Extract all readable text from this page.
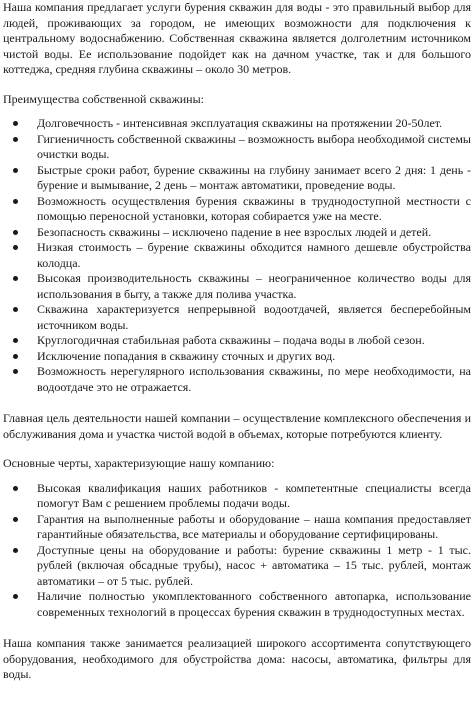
Наша компания предлагает услуги бурения скважин для воды - это правильный выбор для людей, проживающих за городом, не имеющих возможности для подключения к центральному водоснабжению. Собственная скважина является долголетним источником чистой воды. Ее использование подойдет как на дачном участке, так и для большого коттеджа, средняя глубина скважины – около 30 метров.

Преимущества собственной скважины:

Долговечность - интенсивная эксплуатация скважины на протяжении 20-50лет.
Гигиеничность собственной скважины – возможность выбора необходимой системы очистки воды.
Быстрые сроки работ, бурение скважины на глубину занимает всего 2 дня: 1 день - бурение и вымывание, 2 день – монтаж автоматики, проведение воды.
Возможность осуществления бурения скважины в труднодоступной местности с помощью переносной установки, которая собирается уже на месте.
Безопасность скважины – исключено падение в нее взрослых людей и детей.
Низкая стоимость – бурение скважины обходится намного дешевле обустройства колодца.
Высокая производительность скважины – неограниченное количество воды для использования в быту, а также для полива участка.
Скважина характеризуется непрерывной водоотдачей, является бесперебойным источником воды.
Круглогодичная стабильная работа скважины – подача воды в любой сезон.
Исключение попадания в скважину сточных и других вод.
Возможность нерегулярного использования скважины, по мере необходимости, на водоотдаче это не отражается.

Главная цель деятельности нашей компании – осуществление комплексного обеспечения и обслуживания дома и участка чистой водой в объемах, которые потребуются клиенту.

Основные черты, характеризующие нашу компанию:

Высокая квалификация наших работников - компетентные специалисты всегда помогут Вам с решением проблемы подачи воды.
Гарантия на выполненные работы и оборудование – наша компания предоставляет гарантийные обязательства, все материалы и оборудование сертифицированы.
Доступные цены на оборудование и работы: бурение скважины 1 метр - 1 тыс. рублей (включая обсадные трубы), насос + автоматика – 15 тыс. рублей, монтаж автоматики – от 5 тыс. рублей.
Наличие полностью укомплектованного собственного автопарка, использование современных технологий в процессах бурения скважин в труднодоступных местах.

Наша компания также занимается реализацией широкого ассортимента сопутствующего оборудования, необходимого для обустройства дома: насосы, автоматика, фильтры для воды.
